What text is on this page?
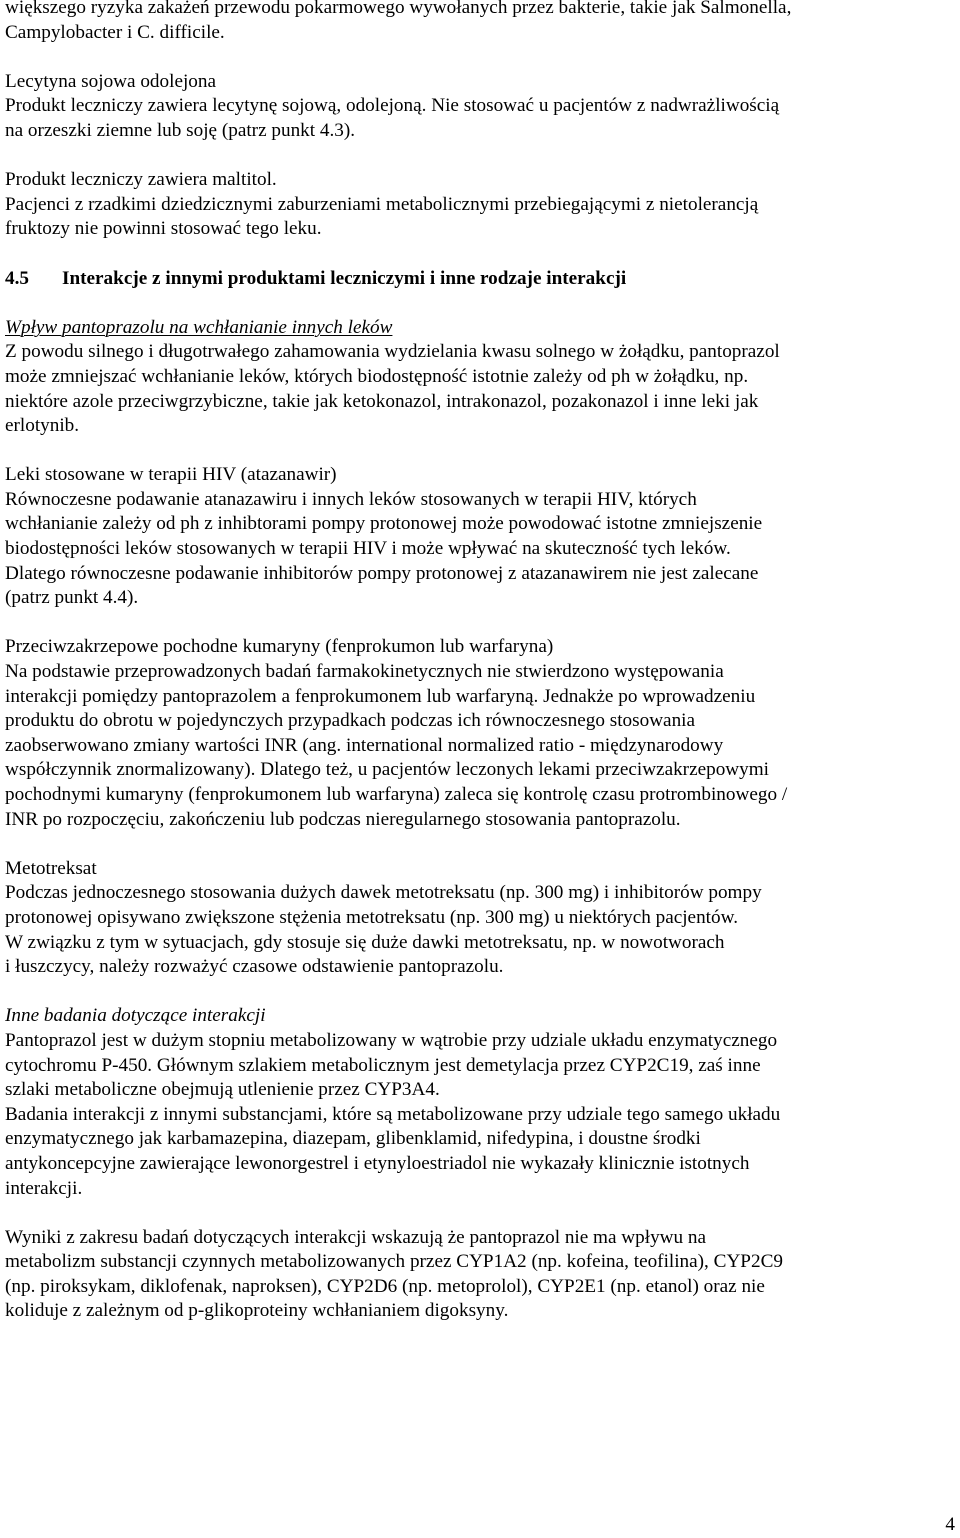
większego ryzyka zakażeń przewodu pokarmowego wywołanych przez bakterie, takie jak Salmonella,
Campylobacter i C. difficile.
Lecytyna sojowa odolejona
Produkt leczniczy zawiera lecytynę sojową, odolejoną. Nie stosować u pacjentów z nadwrażliwością
na orzeszki ziemne lub soję (patrz punkt 4.3).
Produkt leczniczy zawiera maltitol.
Pacjenci z rzadkimi dziedzicznymi zaburzeniami metabolicznymi przebiegającymi z nietolerancją
fruktozy nie powinni stosować tego leku.
4.5 Interakcje z innymi produktami leczniczymi i inne rodzaje interakcji
Wpływ pantoprazolu na wchłanianie innych leków
Z powodu silnego i długotrwałego zahamowania wydzielania kwasu solnego w żołądku, pantoprazol
może zmniejszać wchłanianie leków, których biodostępność istotnie zależy od ph w żołądku, np.
niektóre azole przeciwgrzybiczne, takie jak ketokonazol, intrakonazol, pozakonazol i inne leki jak
erlotynib.
Leki stosowane w terapii HIV (atazanawir)
Równoczesne podawanie atanazawiru i innych leków stosowanych w terapii HIV, których
wchłanianie zależy od ph z inhibtorami pompy protonowej może powodować istotne zmniejszenie
biodostępności leków stosowanych w terapii HIV i może wpływać na skuteczność tych leków.
Dlatego równoczesne podawanie inhibitorów pompy protonowej z atazanawirem nie jest zalecane
(patrz punkt 4.4).
Przeciwzakrzepowe pochodne kumaryny (fenprokumon lub warfaryna)
Na podstawie przeprowadzonych badań farmakokinetycznych nie stwierdzono występowania
interakcji pomiędzy pantoprazolem a fenprokumonem lub warfaryną. Jednakże po wprowadzeniu
produktu do obrotu w pojedynczych przypadkach podczas ich równoczesnego stosowania
zaobserwowano zmiany wartości INR (ang. international normalized ratio - międzynarodowy
współczynnik znormalizowany). Dlatego też, u pacjentów leczonych lekami przeciwzakrzepowymi
pochodnymi kumaryny (fenprokumonem lub warfaryna) zaleca się kontrolę czasu protrombinowego /
INR po rozpoczęciu, zakończeniu lub podczas nieregularnego stosowania pantoprazolu.
Metotreksat
Podczas jednoczesnego stosowania dużych dawek metotreksatu (np. 300 mg) i inhibitorów pompy
protonowej opisywano zwiększone stężenia metotreksatu (np. 300 mg) u niektórych pacjentów.
W związku z tym w sytuacjach, gdy stosuje się duże dawki metotreksatu, np. w nowotworach
i łuszczycy, należy rozważyć czasowe odstawienie pantoprazolu.
Inne badania dotyczące interakcji
Pantoprazol jest w dużym stopniu metabolizowany w wątrobie przy udziale układu enzymatycznego
cytochromu P-450. Głównym szlakiem metabolicznym jest demetylacja przez CYP2C19, zaś inne
szlaki metaboliczne obejmują utlenienie przez CYP3A4.
Badania interakcji z innymi substancjami, które są metabolizowane przy udziale tego samego układu
enzymatycznego jak karbamazepina, diazepam, glibenklamid, nifedypina, i doustne środki
antykoncepcyjne zawierające lewonorgestrel i etynyloestriadol nie wykazały klinicznie istotnych
interakcji.
Wyniki z zakresu badań dotyczących interakcji wskazują że pantoprazol nie ma wpływu na
metabolizm substancji czynnych metabolizowanych przez CYP1A2 (np. kofeina, teofilina), CYP2C9
(np. piroksykam, diklofenak, naproksen), CYP2D6 (np. metoprolol), CYP2E1 (np. etanol) oraz nie
koliduje z zależnym od p-glikoproteiny wchłanianiem digoksyny.
4
